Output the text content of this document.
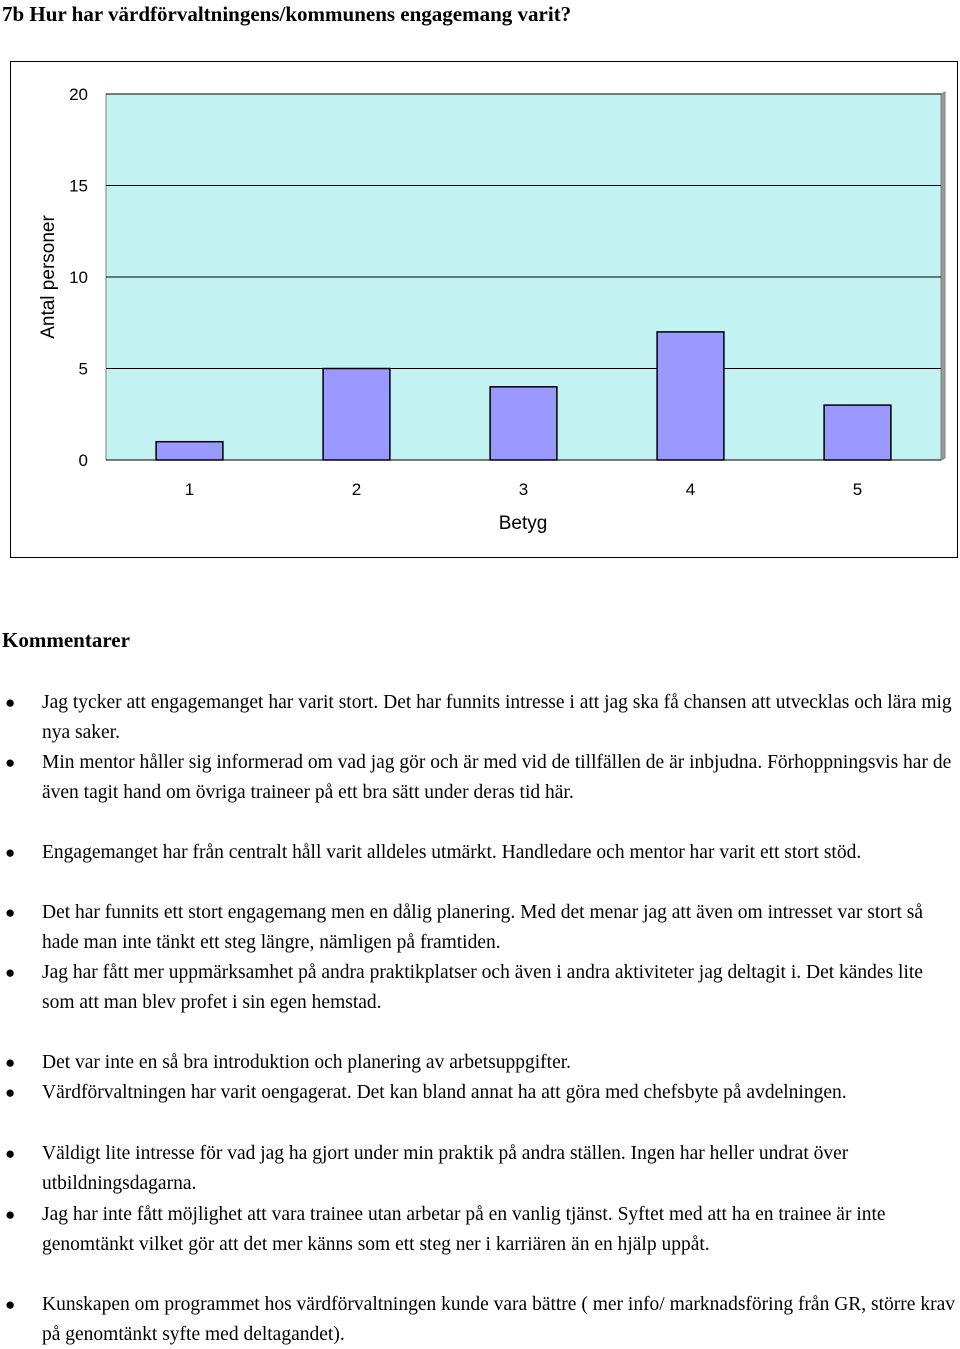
7b Hur har värdförvaltningens/kommunens engagemang varit?
0
5
10
15
20
1	2	3	4	5
Antal personer
Betyg
Kommentarer
● Jag tycker att engagemanget har varit stort. Det har funnits intresse i att jag ska få chansen att utvecklas och lära mig nya saker.
● Min mentor håller sig informerad om vad jag gör och är med vid de tillfällen de är inbjudna. Förhoppningsvis har de även tagit hand om övriga traineer på ett bra sätt under deras tid här.
● Engagemanget har från centralt håll varit alldeles utmärkt. Handledare och mentor har varit ett stort stöd.
● Det har funnits ett stort engagemang men en dålig planering. Med det menar jag att även om intresset var stort så hade man inte tänkt ett steg längre, nämligen på framtiden.
● Jag har fått mer uppmärksamhet på andra praktikplatser och även i andra aktiviteter jag deltagit i. Det kändes lite som att man blev profet i sin egen hemstad.
● Det var inte en så bra introduktion och planering av arbetsuppgifter.
● Värdförvaltningen har varit oengagerat. Det kan bland annat ha att göra med chefsbyte på avdelningen.
● Väldigt lite intresse för vad jag ha gjort under min praktik på andra ställen. Ingen har heller undrat över utbildningsdagarna.
● Jag har inte fått möjlighet att vara trainee utan arbetar på en vanlig tjänst. Syftet med att ha en trainee är inte genomtänkt vilket gör att det mer känns som ett steg ner i karriären än en hjälp uppåt.
● Kunskapen om programmet hos värdförvaltningen kunde vara bättre ( mer info/ marknadsföring från GR, större krav på genomtänkt syfte med deltagandet).
